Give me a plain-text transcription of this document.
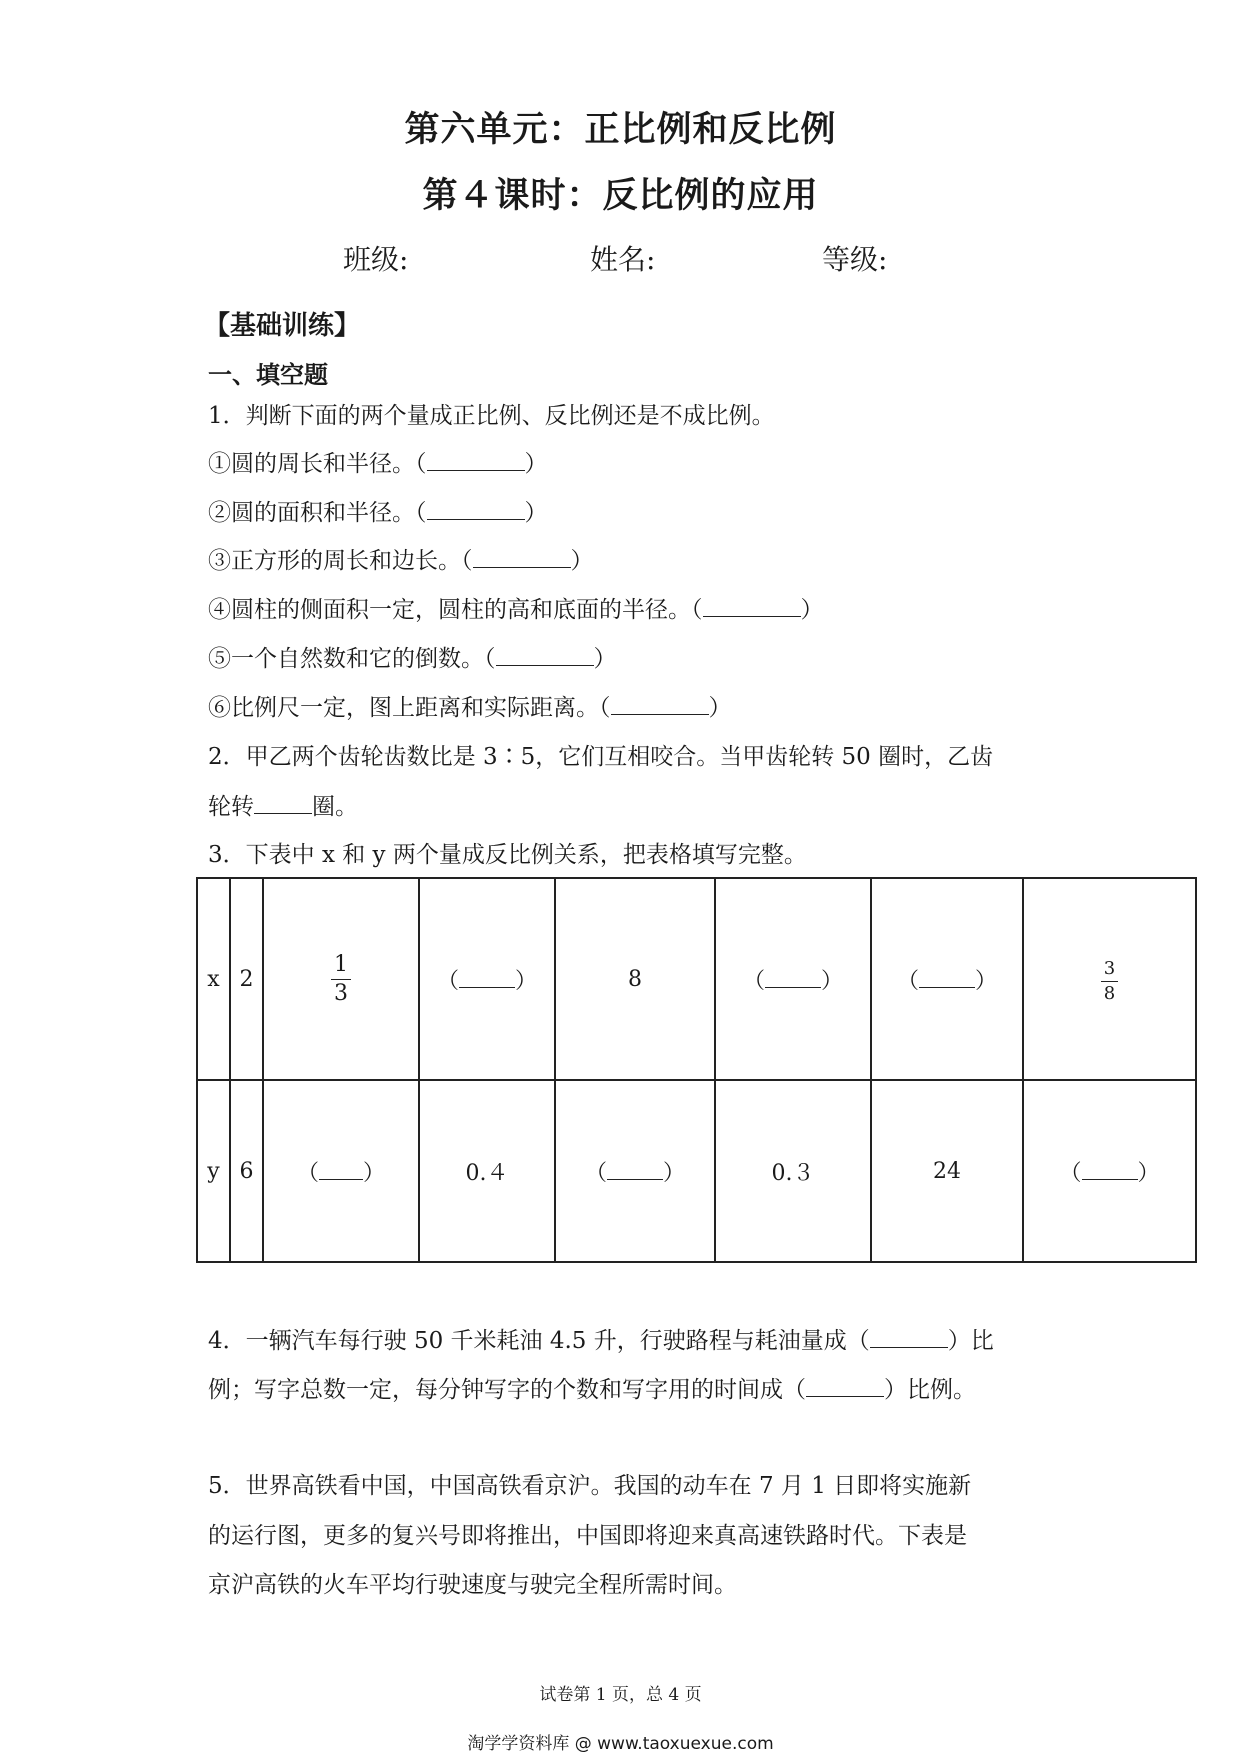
第六单元：正比例和反比例
第４课时：反比例的应用
班级:	姓名:	等级:
【基础训练】
一、填空题
1．判断下面的两个量成正比例、反比例还是不成比例。
①圆的周长和半径。（	）
②圆的面积和半径。（	）
③正方形的周长和边长。（	）
④圆柱的侧面积一定，圆柱的高和底面的半径。（	）
⑤一个自然数和它的倒数。（	）
⑥比例尺一定，图上距离和实际距离。（	）
2．甲乙两个齿轮齿数比是 3∶5，它们互相咬合。当甲齿轮转 50 圈时，乙齿
轮转	圈。
3．下表中 x 和 y 两个量成反比例关系，把表格填写完整。
x	2	$\frac{1}{3}$	（ ）	8	（ ）	（ ）	$\frac{3}{8}$

y	6	（ ）	0.４	（ ）	0.３	24	（ ）
4．一辆汽车每行驶 50 千米耗油 4.5 升，行驶路程与耗油量成（	）比
例；写字总数一定，每分钟写字的个数和写字用的时间成（	）比例。
5．世界高铁看中国，中国高铁看京沪。我国的动车在 7 月 1 日即将实施新
的运行图，更多的复兴号即将推出，中国即将迎来真高速铁路时代。下表是
京沪高铁的火车平均行驶速度与驶完全程所需时间。
试卷第 1 页，总 4 页
淘学学资料库 @ www.taoxuexue.com
